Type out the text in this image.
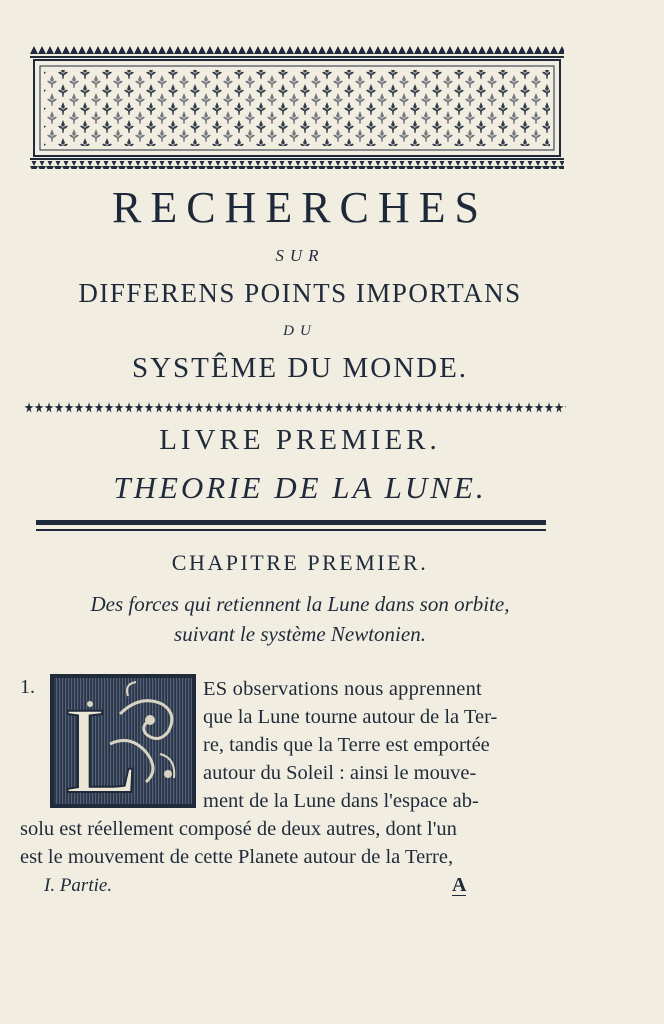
RECHERCHES
SUR
DIFFERENS POINTS IMPORTANS
DU
SYSTÊME DU MONDE.
LIVRE PREMIER.
THEORIE DE LA LUNE.
CHAPITRE PREMIER.
Des forces qui retiennent la Lune dans son orbite,
suivant le système Newtonien.
1. L	ES observations nous apprennent
que la Lune tourne autour de la Ter-
re, tandis que la Terre est emportée
autour du Soleil : ainsi le mouve-
ment de la Lune dans l'espace ab-
solu est réellement composé de deux autres, dont l'un
est le mouvement de cette Planete autour de la Terre,
I. Partie.	A
